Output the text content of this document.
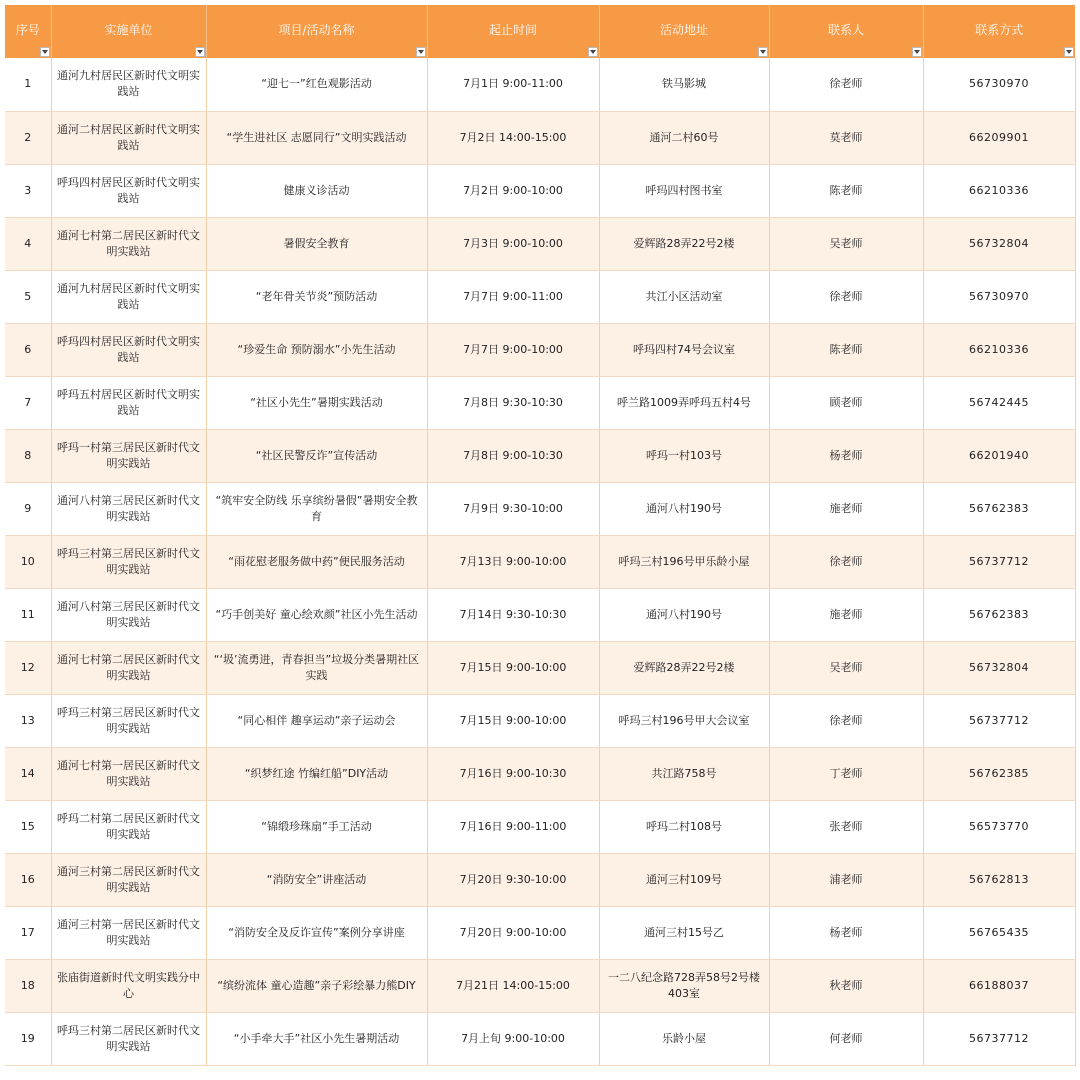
序号	实施单位	项目/活动名称	起止时间	活动地址	联系人	联系方式

1	通河九村居民区新时代文明实践站	“迎七一”红色观影活动	7月1日 9:00-11:00	铁马影城	徐老师	56730970
2	通河二村居民区新时代文明实践站	“学生进社区 志愿同行”文明实践活动	7月2日 14:00-15:00	通河二村60号	莫老师	66209901
3	呼玛四村居民区新时代文明实践站	健康义诊活动	7月2日 9:00-10:00	呼玛四村图书室	陈老师	66210336
4	通河七村第二居民区新时代文明实践站	暑假安全教育	7月3日 9:00-10:00	爱辉路28弄22号2楼	吴老师	56732804
5	通河九村居民区新时代文明实践站	“老年骨关节炎”预防活动	7月7日 9:00-11:00	共江小区活动室	徐老师	56730970
6	呼玛四村居民区新时代文明实践站	“珍爱生命 预防溺水”小先生活动	7月7日 9:00-10:00	呼玛四村74号会议室	陈老师	66210336
7	呼玛五村居民区新时代文明实践站	“社区小先生”暑期实践活动	7月8日 9:30-10:30	呼兰路1009弄呼玛五村4号	顾老师	56742445
8	呼玛一村第三居民区新时代文明实践站	“社区民警反诈”宣传活动	7月8日 9:00-10:30	呼玛一村103号	杨老师	66201940
9	通河八村第三居民区新时代文明实践站	“筑牢安全防线 乐享缤纷暑假”暑期安全教育	7月9日 9:30-10:00	通河八村190号	施老师	56762383
10	呼玛三村第三居民区新时代文明实践站	“雨花慰老服务做中药”便民服务活动	7月13日 9:00-10:00	呼玛三村196号甲乐龄小屋	徐老师	56737712
11	通河八村第三居民区新时代文明实践站	“巧手创美好 童心绘欢颜”社区小先生活动	7月14日 9:30-10:30	通河八村190号	施老师	56762383
12	通河七村第二居民区新时代文明实践站	“‘圾’流勇进，青春担当”垃圾分类暑期社区实践	7月15日 9:00-10:00	爱辉路28弄22号2楼	吴老师	56732804
13	呼玛三村第三居民区新时代文明实践站	“同心相伴 趣享运动”亲子运动会	7月15日 9:00-10:00	呼玛三村196号甲大会议室	徐老师	56737712
14	通河七村第一居民区新时代文明实践站	“织梦红途 竹编红船”DIY活动	7月16日 9:00-10:30	共江路758号	丁老师	56762385
15	呼玛二村第二居民区新时代文明实践站	“锦缎珍珠扇”手工活动	7月16日 9:00-11:00	呼玛二村108号	张老师	56573770
16	通河三村第二居民区新时代文明实践站	“消防安全”讲座活动	7月20日 9:30-10:00	通河三村109号	浦老师	56762813
17	通河三村第一居民区新时代文明实践站	“消防安全及反诈宣传”案例分享讲座	7月20日 9:00-10:00	通河三村15号乙	杨老师	56765435
18	张庙街道新时代文明实践分中心	“缤纷流体 童心造趣”亲子彩绘暴力熊DIY	7月21日 14:00-15:00	一二八纪念路728弄58号2号楼403室	秋老师	66188037
19	呼玛三村第二居民区新时代文明实践站	“小手牵大手”社区小先生暑期活动	7月上旬 9:00-10:00	乐龄小屋	何老师	56737712
